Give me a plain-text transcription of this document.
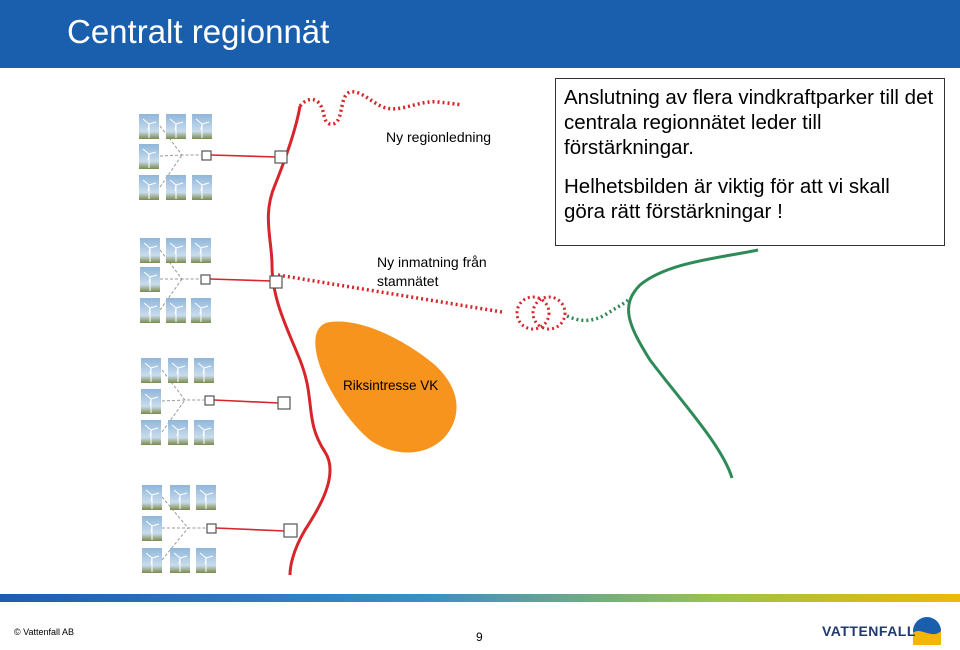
Centralt regionnät
Ny regionledning
Ny inmatning från stamnätet
Riksintresse VK

Anslutning av flera vindkraftparker till det centrala regionnätet leder till förstärkningar.

Helhetsbilden är viktig för att vi skall göra rätt förstärkningar !

© Vattenfall AB	9	VATTENFALL
